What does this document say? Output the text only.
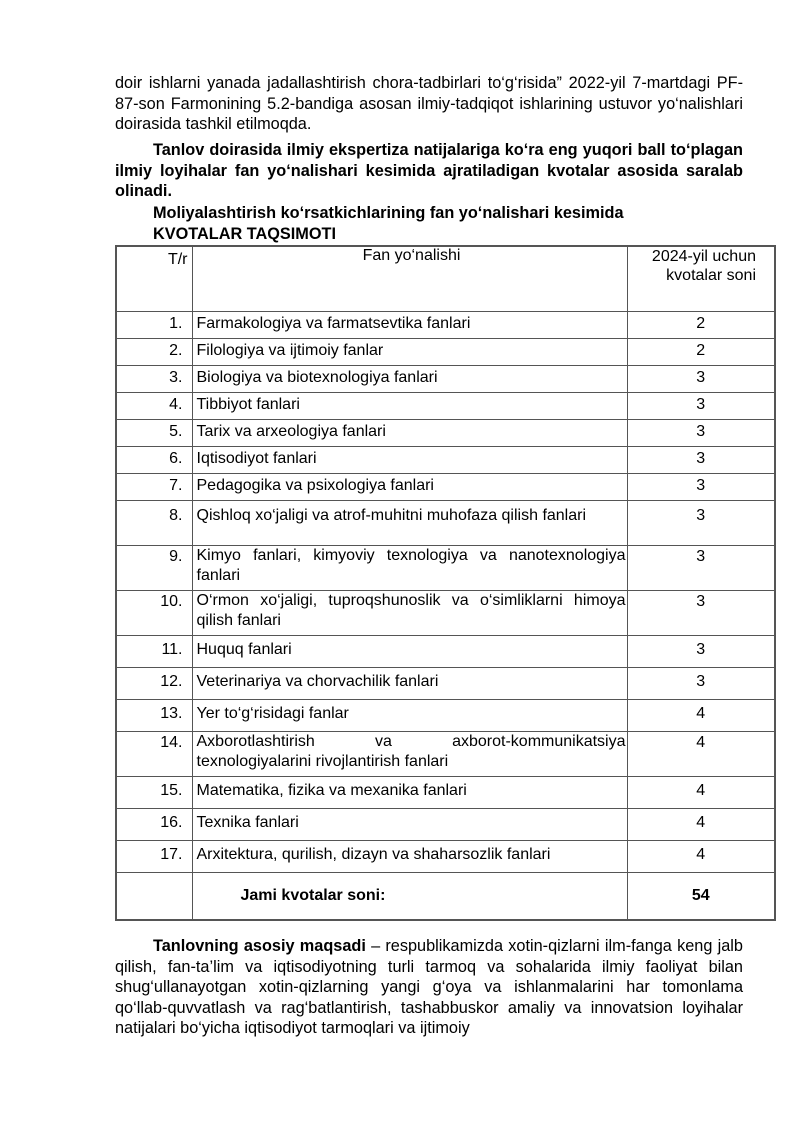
doir ishlarni yanada jadallashtirish chora-tadbirlari to‘g‘risida” 2022-yil 7-martdagi PF-87-son Farmonining 5.2-bandiga asosan ilmiy-tadqiqot ishlarining ustuvor yo‘nalishlari doirasida tashkil etilmoqda.

Tanlov doirasida ilmiy ekspertiza natijalariga ko‘ra eng yuqori ball to‘plagan ilmiy loyihalar fan yo‘nalishari kesimida ajratiladigan kvotalar asosida saralab olinadi.

Moliyalashtirish ko‘rsatkichlarining fan yo‘nalishari kesimida
KVOTALAR TAQSIMOTI
T/r	Fan yo‘nalishi	2024-yil uchun kvotalar soni
1.	Farmakologiya va farmatsevtika fanlari	2
2.	Filologiya va ijtimoiy fanlar	2
3.	Biologiya va biotexnologiya fanlari	3
4.	Tibbiyot fanlari	3
5.	Tarix va arxeologiya fanlari	3
6.	Iqtisodiyot fanlari	3
7.	Pedagogika va psixologiya fanlari	3
8.	Qishloq xo‘jaligi va atrof-muhitni muhofaza qilish fanlari	3
9.	Kimyo fanlari, kimyoviy texnologiya va nanotexnologiya fanlari	3
10.	O‘rmon xo‘jaligi, tuproqshunoslik va o‘simliklarni himoya qilish fanlari	3
11.	Huquq fanlari	3
12.	Veterinariya va chorvachilik fanlari	3
13.	Yer to‘g‘risidagi fanlar	4
14.	Axborotlashtirish va axborot-kommunikatsiya texnologiyalarini rivojlantirish fanlari	4
15.	Matematika, fizika va mexanika fanlari	4
16.	Texnika fanlari	4
17.	Arxitektura, qurilish, dizayn va shaharsozlik fanlari	4
	Jami kvotalar soni:	54

Tanlovning asosiy maqsadi – respublikamizda xotin-qizlarni ilm-fanga keng jalb qilish, fan-ta’lim va iqtisodiyotning turli tarmoq va sohalarida ilmiy faoliyat bilan shug‘ullanayotgan xotin-qizlarning yangi g‘oya va ishlanmalarini har tomonlama qo‘llab-quvvatlash va rag‘batlantirish, tashabbuskor amaliy va innovatsion loyihalar natijalari bo‘yicha iqtisodiyot tarmoqlari va ijtimoiy
